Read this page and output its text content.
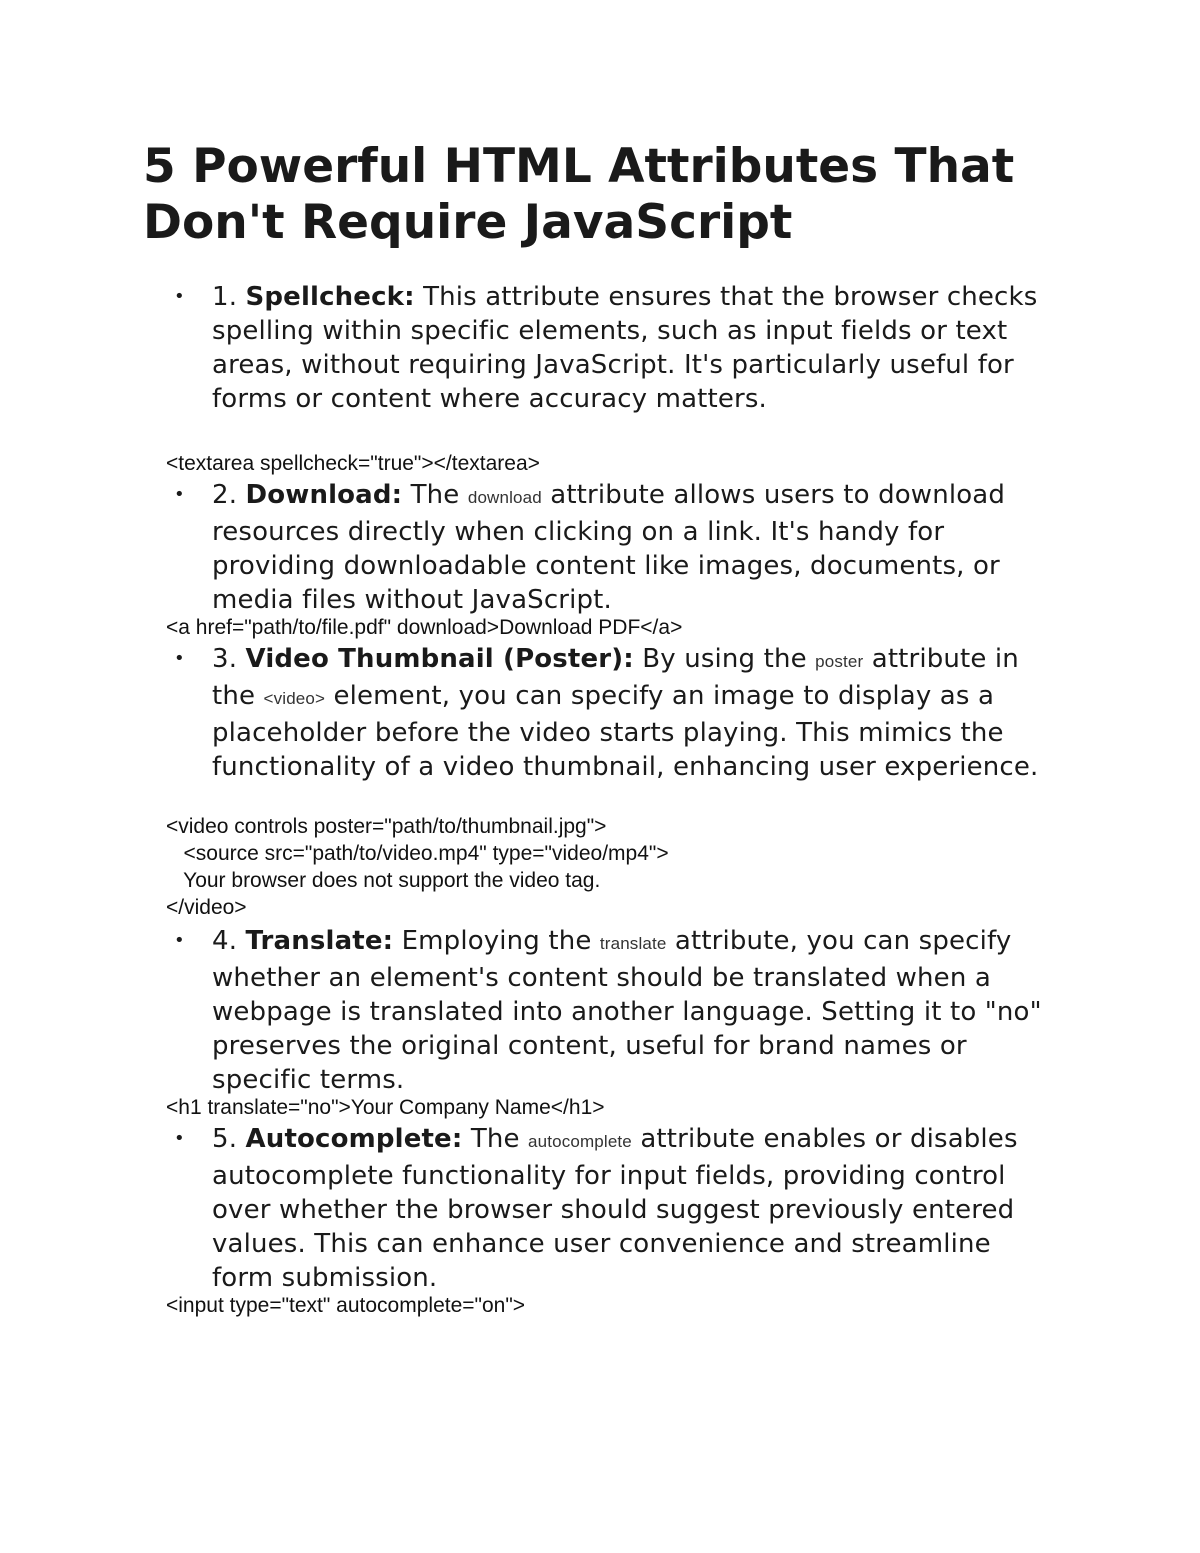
5 Powerful HTML Attributes That Don't Require JavaScript
• 1. Spellcheck: This attribute ensures that the browser checks spelling within specific elements, such as input fields or text areas, without requiring JavaScript. It's particularly useful for forms or content where accuracy matters.

<textarea spellcheck="true"></textarea>
• 2. Download: The download attribute allows users to download resources directly when clicking on a link. It's handy for providing downloadable content like images, documents, or media files without JavaScript.

<a href="path/to/file.pdf" download>Download PDF</a>
• 3. Video Thumbnail (Poster): By using the poster attribute in the <video> element, you can specify an image to display as a placeholder before the video starts playing. This mimics the functionality of a video thumbnail, enhancing user experience.

<video controls poster="path/to/thumbnail.jpg">
<source src="path/to/video.mp4" type="video/mp4">
Your browser does not support the video tag.
</video>
• 4. Translate: Employing the translate attribute, you can specify whether an element's content should be translated when a webpage is translated into another language. Setting it to "no" preserves the original content, useful for brand names or specific terms.

<h1 translate="no">Your Company Name</h1>
• 5. Autocomplete: The autocomplete attribute enables or disables autocomplete functionality for input fields, providing control over whether the browser should suggest previously entered values. This can enhance user convenience and streamline form submission.

<input type="text" autocomplete="on">
